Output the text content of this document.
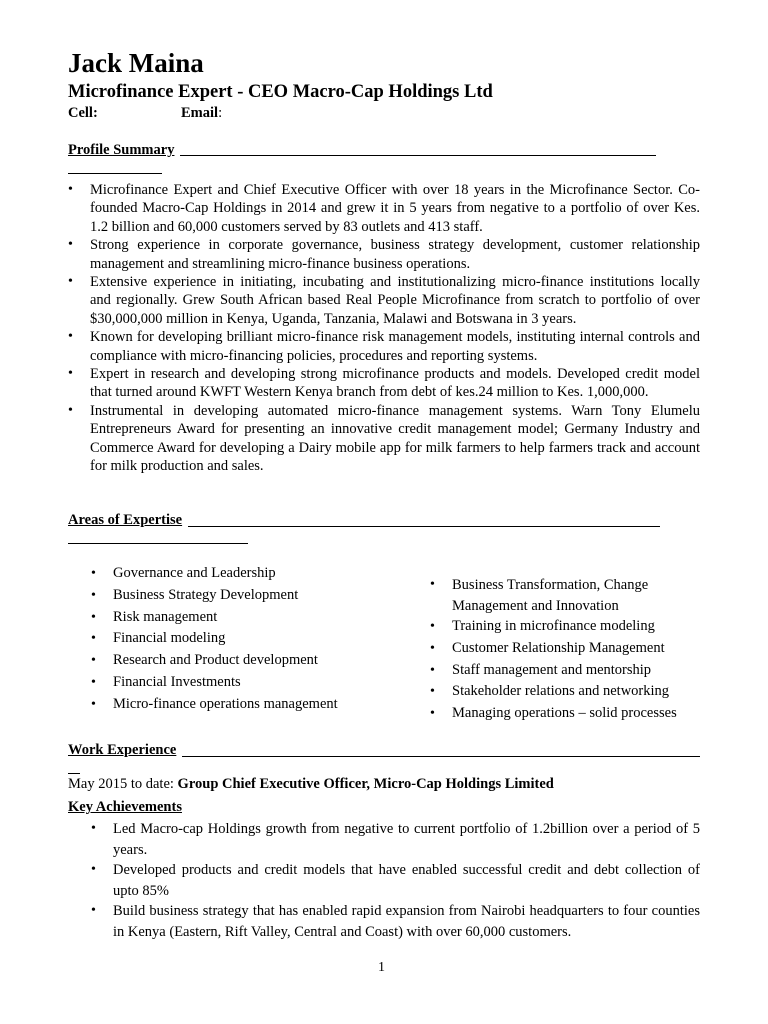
Jack Maina
Microfinance Expert - CEO Macro-Cap Holdings Ltd
Cell:	Email:
Profile Summary
• Microfinance Expert and Chief Executive Officer with over 18 years in the Microfinance Sector. Co-founded Macro-Cap Holdings in 2014 and grew it in 5 years from negative to a portfolio of over Kes. 1.2 billion and 60,000 customers served by 83 outlets and 413 staff.
• Strong experience in corporate governance, business strategy development, customer relationship management and streamlining micro-finance business operations.
• Extensive experience in initiating, incubating and institutionalizing micro-finance institutions locally and regionally. Grew South African based Real People Microfinance from scratch to portfolio of over $30,000,000 million in Kenya, Uganda, Tanzania, Malawi and Botswana in 3 years.
• Known for developing brilliant micro-finance risk management models, instituting internal controls and compliance with micro-financing policies, procedures and reporting systems.
• Expert in research and developing strong microfinance products and models. Developed credit model that turned around KWFT Western Kenya branch from debt of kes.24 million to Kes. 1,000,000.
• Instrumental in developing automated micro-finance management systems. Warn Tony Elumelu Entrepreneurs Award for presenting an innovative credit management model; Germany Industry and Commerce Award for developing a Dairy mobile app for milk farmers to help farmers track and account for milk production and sales.
Areas of Expertise
• Governance and Leadership
• Business Strategy Development
• Risk management
• Financial modeling
• Research and Product development
• Financial Investments
• Micro-finance operations management
• Business Transformation, Change Management and Innovation
• Training in microfinance modeling
• Customer Relationship Management
• Staff management and mentorship
• Stakeholder relations and networking
• Managing operations – solid processes
Work Experience
May 2015 to date: Group Chief Executive Officer, Micro-Cap Holdings Limited
Key Achievements
• Led Macro-cap Holdings growth from negative to current portfolio of 1.2billion over a period of 5 years.
• Developed products and credit models that have enabled successful credit and debt collection of upto 85%
• Build business strategy that has enabled rapid expansion from Nairobi headquarters to four counties in Kenya (Eastern, Rift Valley, Central and Coast) with over 60,000 customers.
1
